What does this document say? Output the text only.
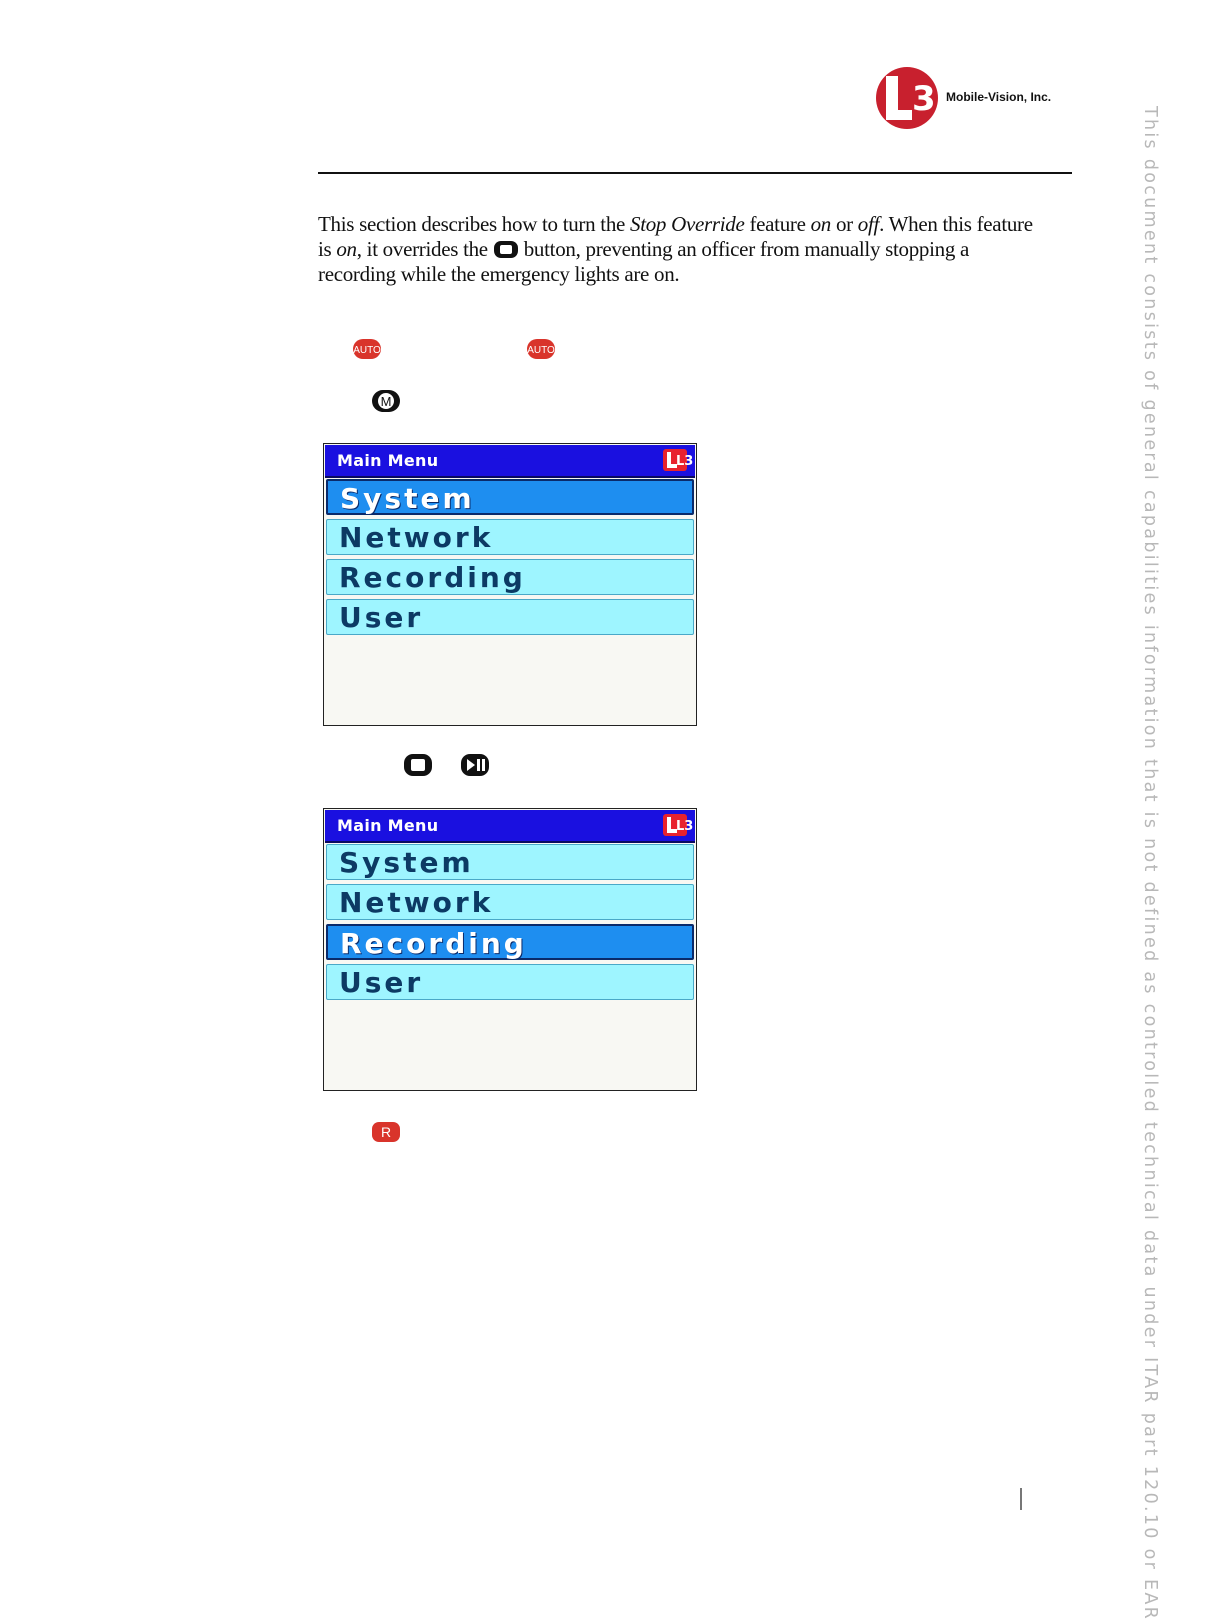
3 Mobile-Vision, Inc.
This section describes how to turn the Stop Override feature on or off. When this feature is on, it overrides the  button, preventing an officer from manually stopping a recording while the emergency lights are on.
AUTO	AUTO
M
Main Menu	L3
System
Network
Recording
User
Main Menu	L3
System
Network
Recording
User
R	This document consists of general capabilities information that is not defined as controlled technical data under ITAR part 120.10 or EAR
